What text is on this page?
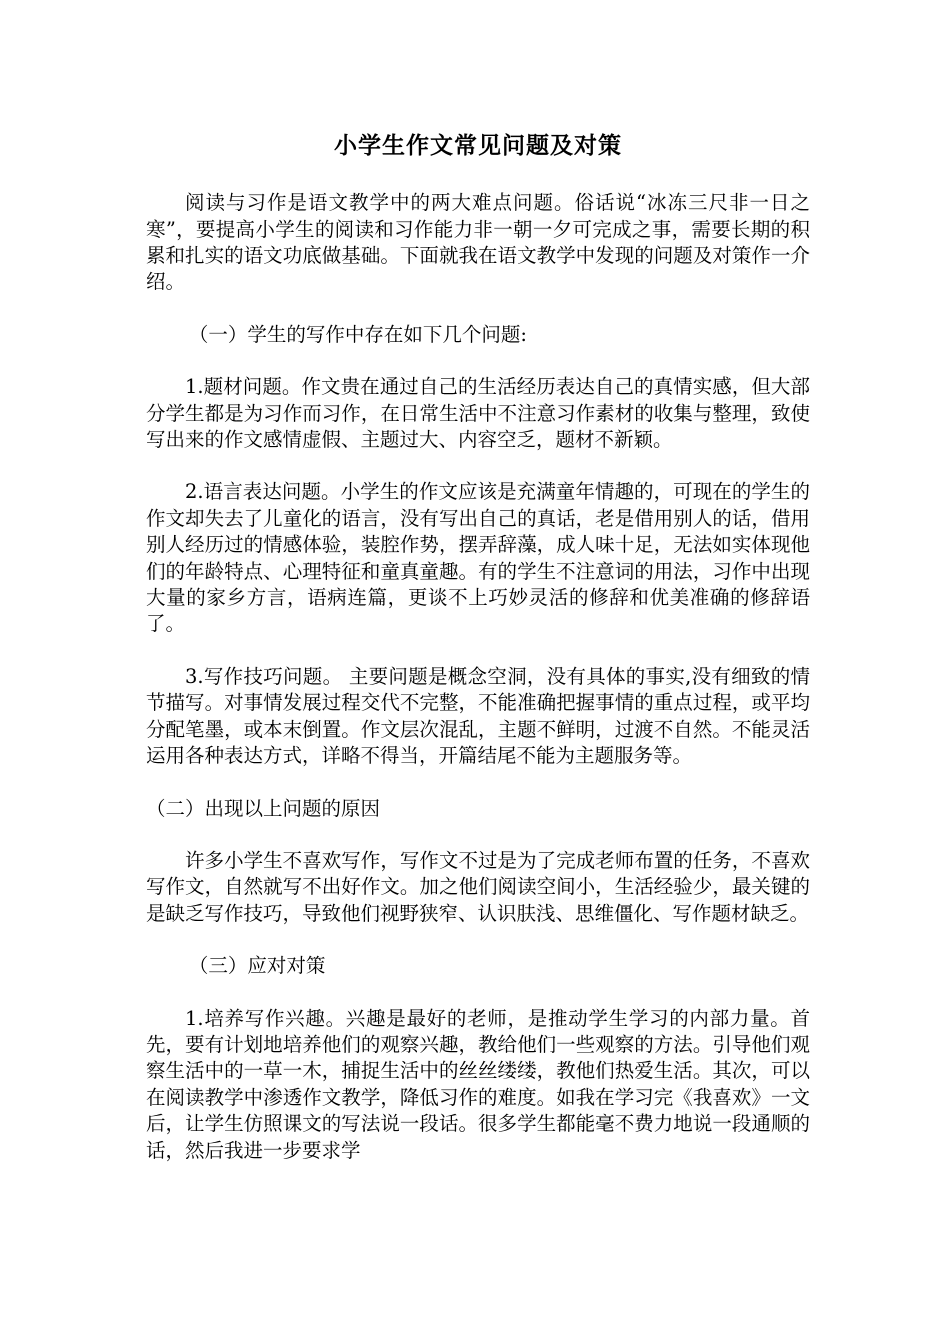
小学生作文常见问题及对策

阅读与习作是语文教学中的两大难点问题。俗话说“冰冻三尺非一日之寒”，要提高小学生的阅读和习作能力非一朝一夕可完成之事，需要长期的积累和扎实的语文功底做基础。下面就我在语文教学中发现的问题及对策作一介绍。

（一）学生的写作中存在如下几个问题:

1.题材问题。作文贵在通过自己的生活经历表达自己的真情实感，但大部分学生都是为习作而习作，在日常生活中不注意习作素材的收集与整理，致使写出来的作文感情虚假、主题过大、内容空乏，题材不新颖。

2.语言表达问题。小学生的作文应该是充满童年情趣的，可现在的学生的作文却失去了儿童化的语言，没有写出自己的真话，老是借用别人的话，借用别人经历过的情感体验，装腔作势，摆弄辞藻，成人味十足，无法如实体现他们的年龄特点、心理特征和童真童趣。有的学生不注意词的用法，习作中出现大量的家乡方言，语病连篇，更谈不上巧妙灵活的修辞和优美准确的修辞语了。

3.写作技巧问题。 主要问题是概念空洞，没有具体的事实,没有细致的情节描写。对事情发展过程交代不完整，不能准确把握事情的重点过程，或平均分配笔墨，或本末倒置。作文层次混乱，主题不鲜明，过渡不自然。不能灵活运用各种表达方式，详略不得当，开篇结尾不能为主题服务等。

（二）出现以上问题的原因

许多小学生不喜欢写作，写作文不过是为了完成老师布置的任务，不喜欢写作文，自然就写不出好作文。加之他们阅读空间小，生活经验少，最关键的是缺乏写作技巧，导致他们视野狭窄、认识肤浅、思维僵化、写作题材缺乏。

（三）应对对策

1.培养写作兴趣。兴趣是最好的老师，是推动学生学习的内部力量。首先，要有计划地培养他们的观察兴趣，教给他们一些观察的方法。引导他们观察生活中的一草一木，捕捉生活中的丝丝缕缕，教他们热爱生活。其次，可以在阅读教学中渗透作文教学，降低习作的难度。如我在学习完《我喜欢》一文后，让学生仿照课文的写法说一段话。很多学生都能毫不费力地说一段通顺的话，然后我进一步要求学
